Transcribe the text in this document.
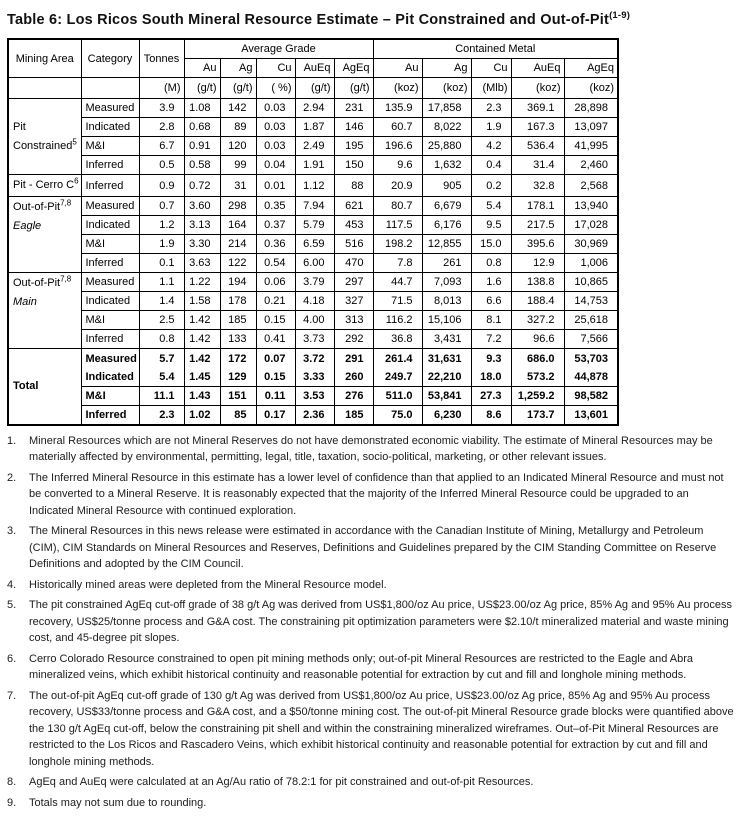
Table 6: Los Ricos South Mineral Resource Estimate – Pit Constrained and Out-of-Pit$^{(1-9)}$
Mining Area	Category	Tonnes	Average Grade					Contained Metal				
			Au	Ag	Cu	AuEq	AgEq	Au	Ag	Cu	AuEq	AgEq
		(M)	(g/t)	(g/t)	( %)	(g/t)	(g/t)	(koz)	(koz)	(Mlb)	(koz)	(koz)

Pit
Constrained$^5$	Measured	3.9	1.08	142	0.03	2.94	231	135.9	17,858	2.3	369.1	28,898
	Indicated	2.8	0.68	89	0.03	1.87	146	60.7	8,022	1.9	167.3	13,097
	M&I	6.7	0.91	120	0.03	2.49	195	196.6	25,880	4.2	536.4	41,995
	Inferred	0.5	0.58	99	0.04	1.91	150	9.6	1,632	0.4	31.4	2,460

Pit - Cerro $C^6$	Inferred	0.9	0.72	31	0.01	1.12	88	20.9	905	0.2	32.8	2,568

Out-of-Pit$^{7,8}$
Eagle	Measured	0.7	3.60	298	0.35	7.94	621	80.7	6,679	5.4	178.1	13,940
	Indicated	1.2	3.13	164	0.37	5.79	453	117.5	6,176	9.5	217.5	17,028
	M&I	1.9	3.30	214	0.36	6.59	516	198.2	12,855	15.0	395.6	30,969
	Inferred	0.1	3.63	122	0.54	6.00	470	7.8	261	0.8	12.9	1,006

Out-of-Pit$^{7,8}$
Main	Measured	1.1	1.22	194	0.06	3.79	297	44.7	7,093	1.6	138.8	10,865
	Indicated	1.4	1.58	178	0.21	4.18	327	71.5	8,013	6.6	188.4	14,753
	M&I	2.5	1.42	185	0.15	4.00	313	116.2	15,106	8.1	327.2	25,618
	Inferred	0.8	1.42	133	0.41	3.73	292	36.8	3,431	7.2	96.6	7,566

Total	Measured	5.7	1.42	172	0.07	3.72	291	261.4	31,631	9.3	686.0	53,703
	Indicated	5.4	1.45	129	0.15	3.33	260	249.7	22,210	18.0	573.2	44,878
	M&I	11.1	1.43	151	0.11	3.53	276	511.0	53,841	27.3	1,259.2	98,582
	Inferred	2.3	1.02	85	0.17	2.36	185	75.0	6,230	8.6	173.7	13,601
1.	Mineral Resources which are not Mineral Reserves do not have demonstrated economic viability. The estimate of Mineral Resources may be materially affected by environmental, permitting, legal, title, taxation, socio-political, marketing, or other relevant issues.
2.	The Inferred Mineral Resource in this estimate has a lower level of confidence than that applied to an Indicated Mineral Resource and must not be converted to a Mineral Reserve. It is reasonably expected that the majority of the Inferred Mineral Resource could be upgraded to an Indicated Mineral Resource with continued exploration.
3.	The Mineral Resources in this news release were estimated in accordance with the Canadian Institute of Mining, Metallurgy and Petroleum (CIM), CIM Standards on Mineral Resources and Reserves, Definitions and Guidelines prepared by the CIM Standing Committee on Reserve Definitions and adopted by the CIM Council.
4.	Historically mined areas were depleted from the Mineral Resource model.
5.	The pit constrained AgEq cut-off grade of 38 g/t Ag was derived from US$1,800/oz Au price, US$23.00/oz Ag price, 85% Ag and 95% Au process recovery, US$25/tonne process and G&A cost. The constraining pit optimization parameters were $2.10/t mineralized material and waste mining cost, and 45-degree pit slopes.
6.	Cerro Colorado Resource constrained to open pit mining methods only; out-of-pit Mineral Resources are restricted to the Eagle and Abra mineralized veins, which exhibit historical continuity and reasonable potential for extraction by cut and fill and longhole mining methods.
7.	The out-of-pit AgEq cut-off grade of 130 g/t Ag was derived from US$1,800/oz Au price, US$23.00/oz Ag price, 85% Ag and 95% Au process recovery, US$33/tonne process and G&A cost, and a $50/tonne mining cost. The out-of-pit Mineral Resource grade blocks were quantified above the 130 g/t AgEq cut-off, below the constraining pit shell and within the constraining mineralized wireframes. Out–of-Pit Mineral Resources are restricted to the Los Ricos and Rascadero Veins, which exhibit historical continuity and reasonable potential for extraction by cut and fill and longhole mining methods.
8.	AgEq and AuEq were calculated at an Ag/Au ratio of 78.2:1 for pit constrained and out-of-pit Resources.
9.	Totals may not sum due to rounding.
